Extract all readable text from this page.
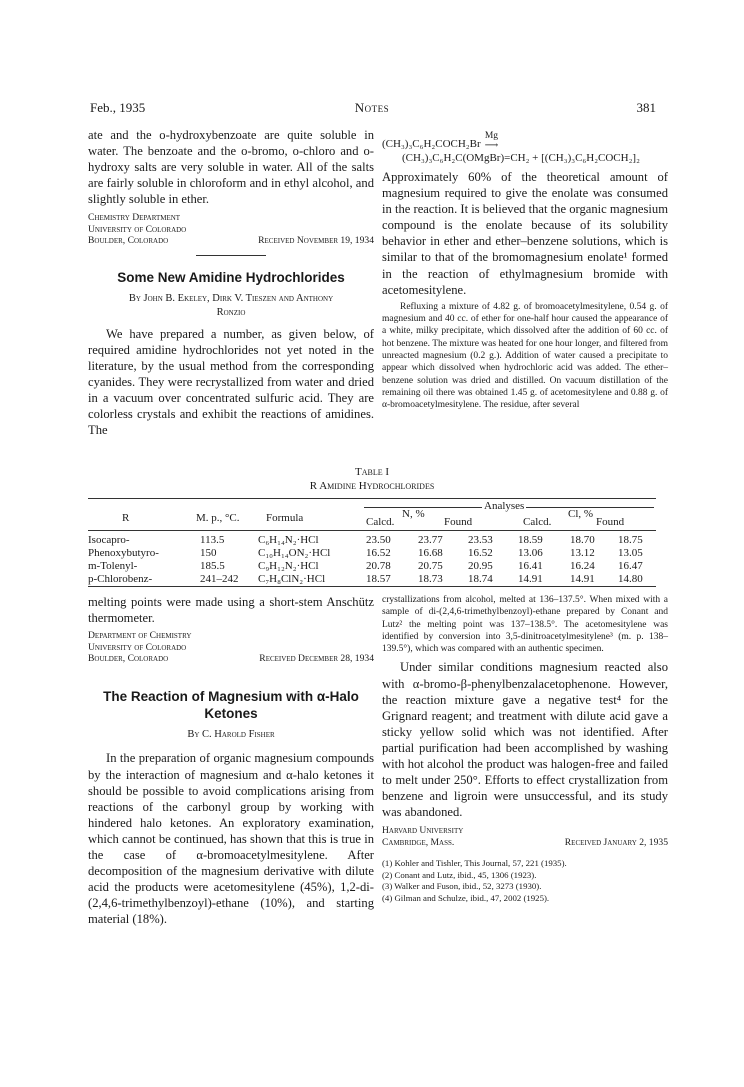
Feb., 1935	Notes	381

ate and the o-hydroxybenzoate are quite soluble in water. The benzoate and the o-bromo, o-chloro and o-hydroxy salts are very soluble in water. All of the salts are fairly soluble in chloroform and in ethyl alcohol, and slightly soluble in ether.

Chemistry Department
University of Colorado
Boulder, Colorado	Received November 19, 1934
Some New Amidine Hydrochlorides
By John B. Ekeley, Dirk V. Tieszen and Anthony
Ronzio

We have prepared a number, as given below, of required amidine hydrochlorides not yet noted in the literature, by the usual method from the corresponding cyanides. They were recrystallized from water and dried in a vacuum over concentrated sulfuric acid. They are colorless crystals and exhibit the reactions of amidines. The

(CH₃)₃C₆H₂COCH₂Br
Mg
⟶
(CH₃)₃C₆H₂C(OMgBr)=CH₂ + [(CH₃)₃C₆H₂COCH₂]₂

Approximately 60% of the theoretical amount of magnesium required to give the enolate was consumed in the reaction. It is believed that the organic magnesium compound is the enolate because of its solubility behavior in ether and ether–benzene solutions, which is similar to that of the bromomagnesium enolate¹ formed in the reaction of ethylmagnesium bromide with acetomesitylene.

Refluxing a mixture of 4.82 g. of bromoacetylmesitylene, 0.54 g. of magnesium and 40 cc. of ether for one-half hour caused the appearance of a white, milky precipitate, which dissolved after the addition of 60 cc. of hot benzene. The mixture was heated for one hour longer, and filtered from unreacted magnesium (0.2 g.). Addition of water caused a precipitate to appear which dissolved when hydrochloric acid was added. The ether–benzene solution was dried and distilled. On vacuum distillation of the remaining oil there was obtained 1.45 g. of acetomesitylene and 0.88 g. of α-bromoacetylmesitylene. The residue, after several

Table I
R Amidine Hydrochlorides
Analyses
R	M. p., °C. Formula	N, %
Calcd.	Found
Cl, %
Calcd.	Found
Isocapro-	113.5	C₆H₁₄N₂·HCl	23.50 23.77 23.53 18.59 18.70 18.75
Phenoxybutyro-	150	C₁₀H₁₄ON₂·HCl	16.52 16.68 16.52 13.06 13.12 13.05
m-Tolenyl-	185.5	C₉H₁₂N₂·HCl	20.78 20.75 20.95 16.41 16.24 16.47
p-Chlorobenz-	241–242 C₇H₈ClN₂·HCl	18.57 18.73 18.74 14.91 14.91 14.80

melting points were made using a short-stem Anschütz thermometer.

Department of Chemistry
University of Colorado
Boulder, Colorado	Received December 28, 1934
The Reaction of Magnesium with α-Halo Ketones
By C. Harold Fisher

In the preparation of organic magnesium compounds by the interaction of magnesium and α-halo ketones it should be possible to avoid complications arising from reactions of the carbonyl group by working with hindered halo ketones. An exploratory examination, which cannot be continued, has shown that this is true in the case of α-bromoacetylmesitylene. After decomposition of the magnesium derivative with dilute acid the products were acetomesitylene (45%), 1,2-di-(2,4,6-trimethylbenzoyl)-ethane (10%), and starting material (18%).

crystallizations from alcohol, melted at 136–137.5°. When mixed with a sample of di-(2,4,6-trimethylbenzoyl)-ethane prepared by Conant and Lutz² the melting point was 137–138.5°. The acetomesitylene was identified by conversion into 3,5-dinitroacetylmesitylene³ (m. p. 138–139.5°), which was compared with an authentic specimen.

Under similar conditions magnesium reacted also with α-bromo-β-phenylbenzalacetophenone. However, the reaction mixture gave a negative test⁴ for the Grignard reagent; and treatment with dilute acid gave a sticky yellow solid which was not identified. After partial purification had been accomplished by washing with hot alcohol the product was halogen-free and failed to melt under 250°. Efforts to effect crystallization from benzene and ligroin were unsuccessful, and its study was abandoned.

Harvard University
Cambridge, Mass.	Received January 2, 1935
(1) Kohler and Tishler, This Journal, 57, 221 (1935).
(2) Conant and Lutz, ibid., 45, 1306 (1923).
(3) Walker and Fuson, ibid., 52, 3273 (1930).
(4) Gilman and Schulze, ibid., 47, 2002 (1925).
